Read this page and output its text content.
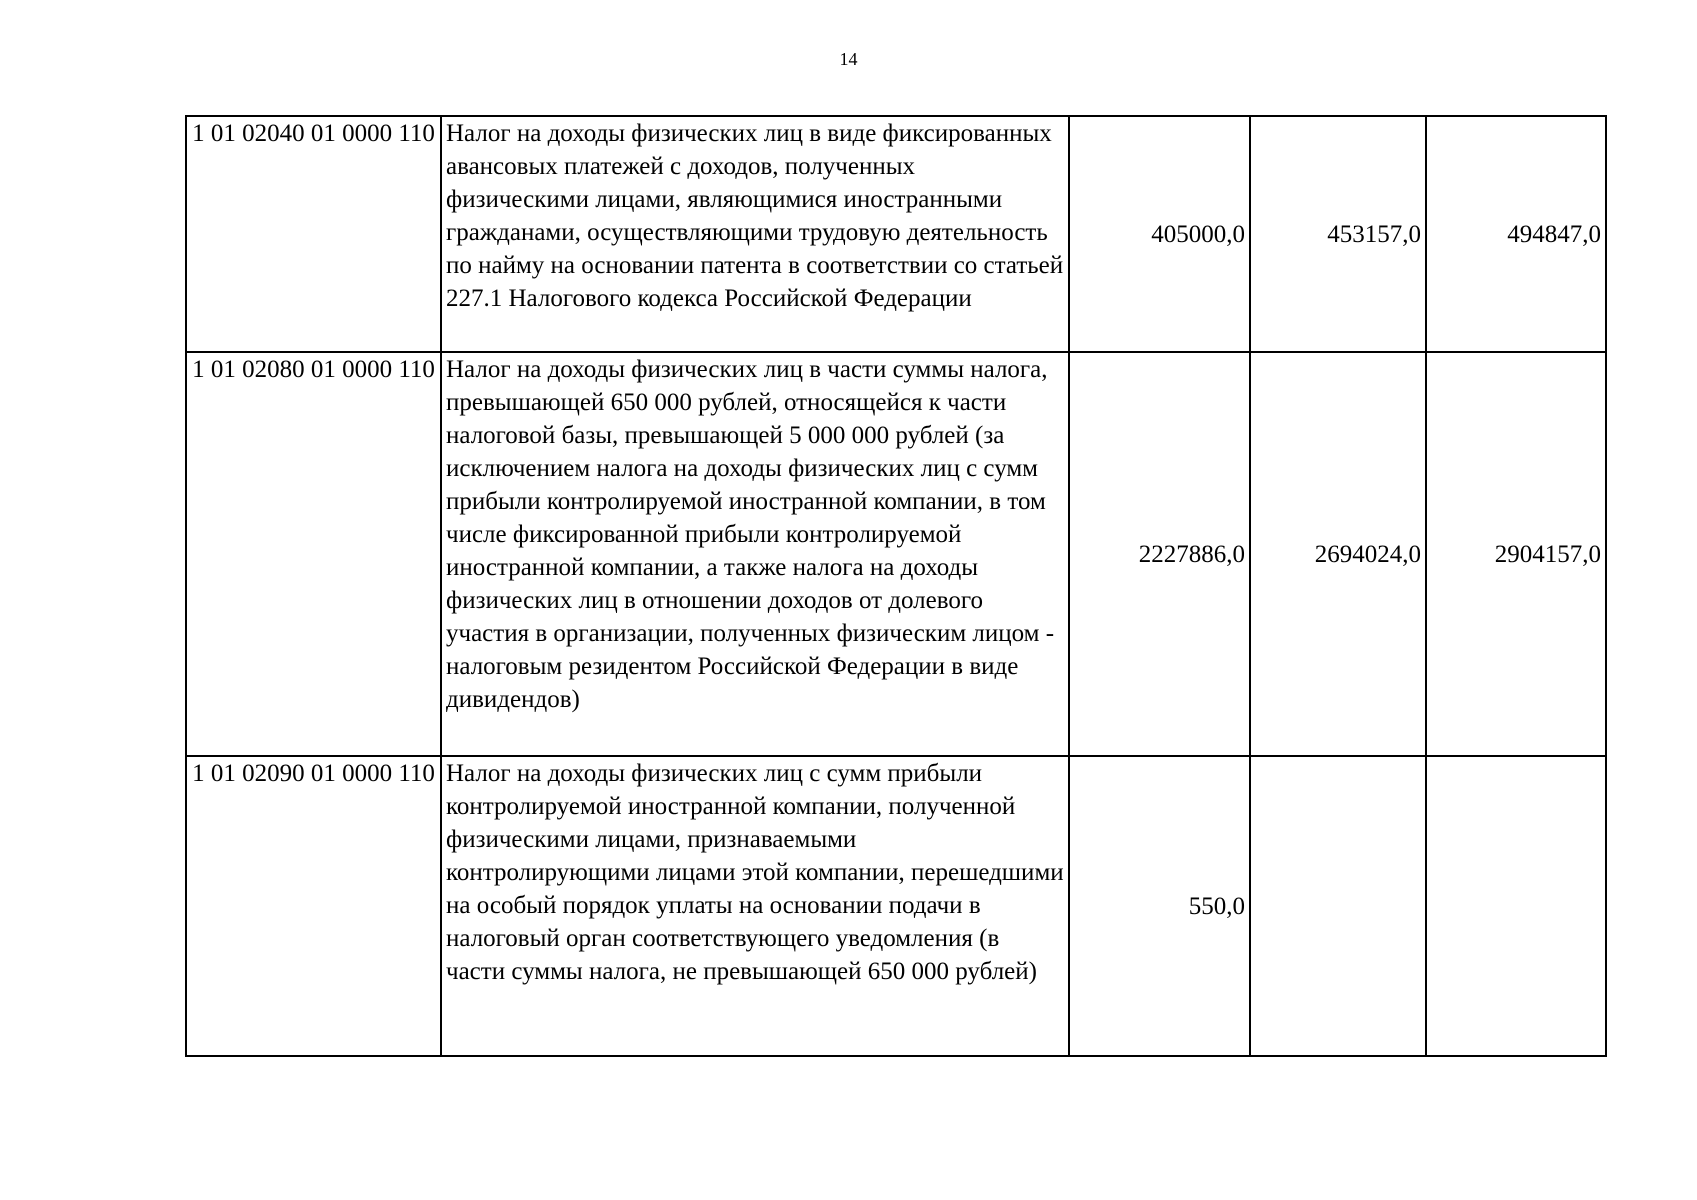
14
1 01 02040 01 0000 110	Налог на доходы физических лиц в виде фиксированных авансовых платежей с доходов, полученных физическими лицами, являющимися иностранными гражданами, осуществляющими трудовую деятельность по найму на основании патента в соответствии со статьей 227.1 Налогового кодекса Российской Федерации	405000,0	453157,0	494847,0
1 01 02080 01 0000 110	Налог на доходы физических лиц в части суммы налога, превышающей 650 000 рублей, относящейся к части налоговой базы, превышающей 5 000 000 рублей (за исключением налога на доходы физических лиц с сумм прибыли контролируемой иностранной компании, в том числе фиксированной прибыли контролируемой иностранной компании, а также налога на доходы физических лиц в отношении доходов от долевого участия в организации, полученных физическим лицом - налоговым резидентом Российской Федерации в виде дивидендов)	2227886,0	2694024,0	2904157,0
1 01 02090 01 0000 110	Налог на доходы физических лиц с сумм прибыли контролируемой иностранной компании, полученной физическими лицами, признаваемыми контролирующими лицами этой компании, перешедшими на особый порядок уплаты на основании подачи в налоговый орган соответствующего уведомления (в части суммы налога, не превышающей 650 000 рублей)	550,0		
